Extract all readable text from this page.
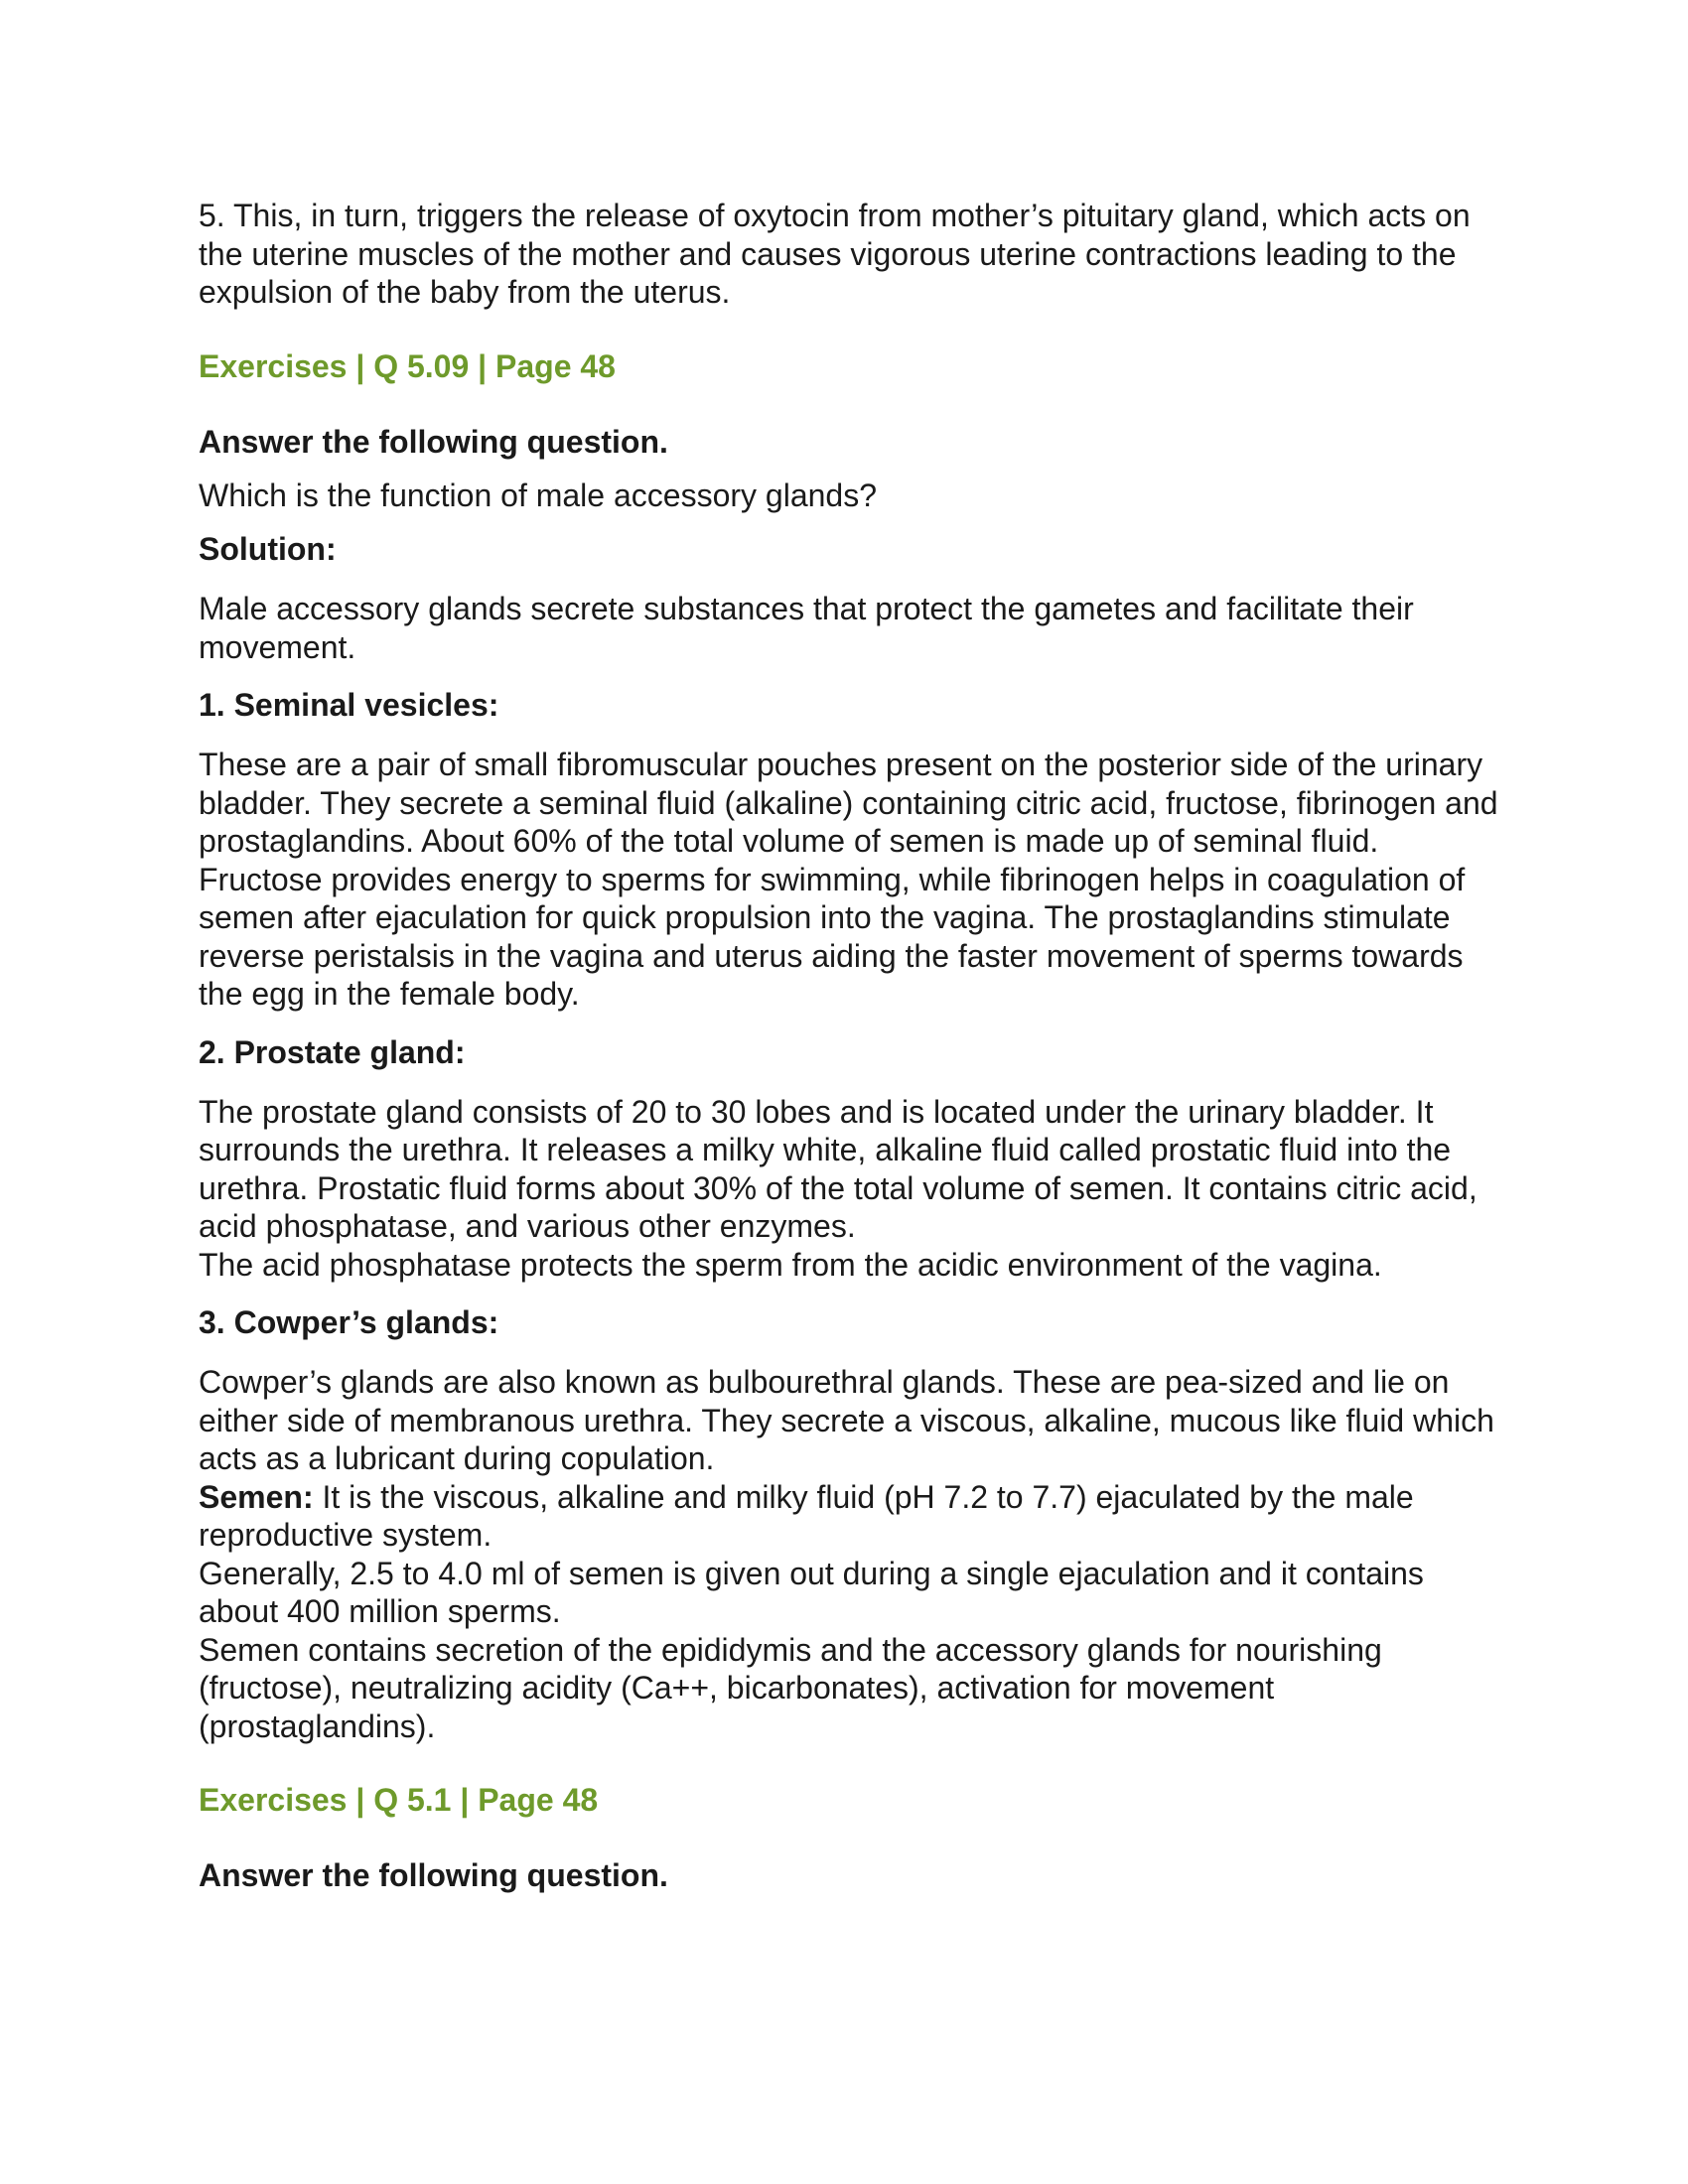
5. This, in turn, triggers the release of oxytocin from mother’s pituitary gland, which acts on the uterine muscles of the mother and causes vigorous uterine contractions leading to the expulsion of the baby from the uterus.

Exercises | Q 5.09 | Page 48

Answer the following question.

Which is the function of male accessory glands?

Solution:

Male accessory glands secrete substances that protect the gametes and facilitate their movement.

1. Seminal vesicles:

These are a pair of small fibromuscular pouches present on the posterior side of the urinary bladder. They secrete a seminal fluid (alkaline) containing citric acid, fructose, fibrinogen and prostaglandins. About 60% of the total volume of semen is made up of seminal fluid.

Fructose provides energy to sperms for swimming, while fibrinogen helps in coagulation of semen after ejaculation for quick propulsion into the vagina. The prostaglandins stimulate reverse peristalsis in the vagina and uterus aiding the faster movement of sperms towards the egg in the female body.

2. Prostate gland:

The prostate gland consists of 20 to 30 lobes and is located under the urinary bladder. It surrounds the urethra. It releases a milky white, alkaline fluid called prostatic fluid into the urethra. Prostatic fluid forms about 30% of the total volume of semen. It contains citric acid, acid phosphatase, and various other enzymes.

The acid phosphatase protects the sperm from the acidic environment of the vagina.

3. Cowper’s glands:

Cowper’s glands are also known as bulbourethral glands. These are pea-sized and lie on either side of membranous urethra. They secrete a viscous, alkaline, mucous like fluid which acts as a lubricant during copulation.

Semen: It is the viscous, alkaline and milky fluid (pH 7.2 to 7.7) ejaculated by the male reproductive system.

Generally, 2.5 to 4.0 ml of semen is given out during a single ejaculation and it contains about 400 million sperms.

Semen contains secretion of the epididymis and the accessory glands for nourishing (fructose), neutralizing acidity (Ca++, bicarbonates), activation for movement (prostaglandins).

Exercises | Q 5.1 | Page 48

Answer the following question.
